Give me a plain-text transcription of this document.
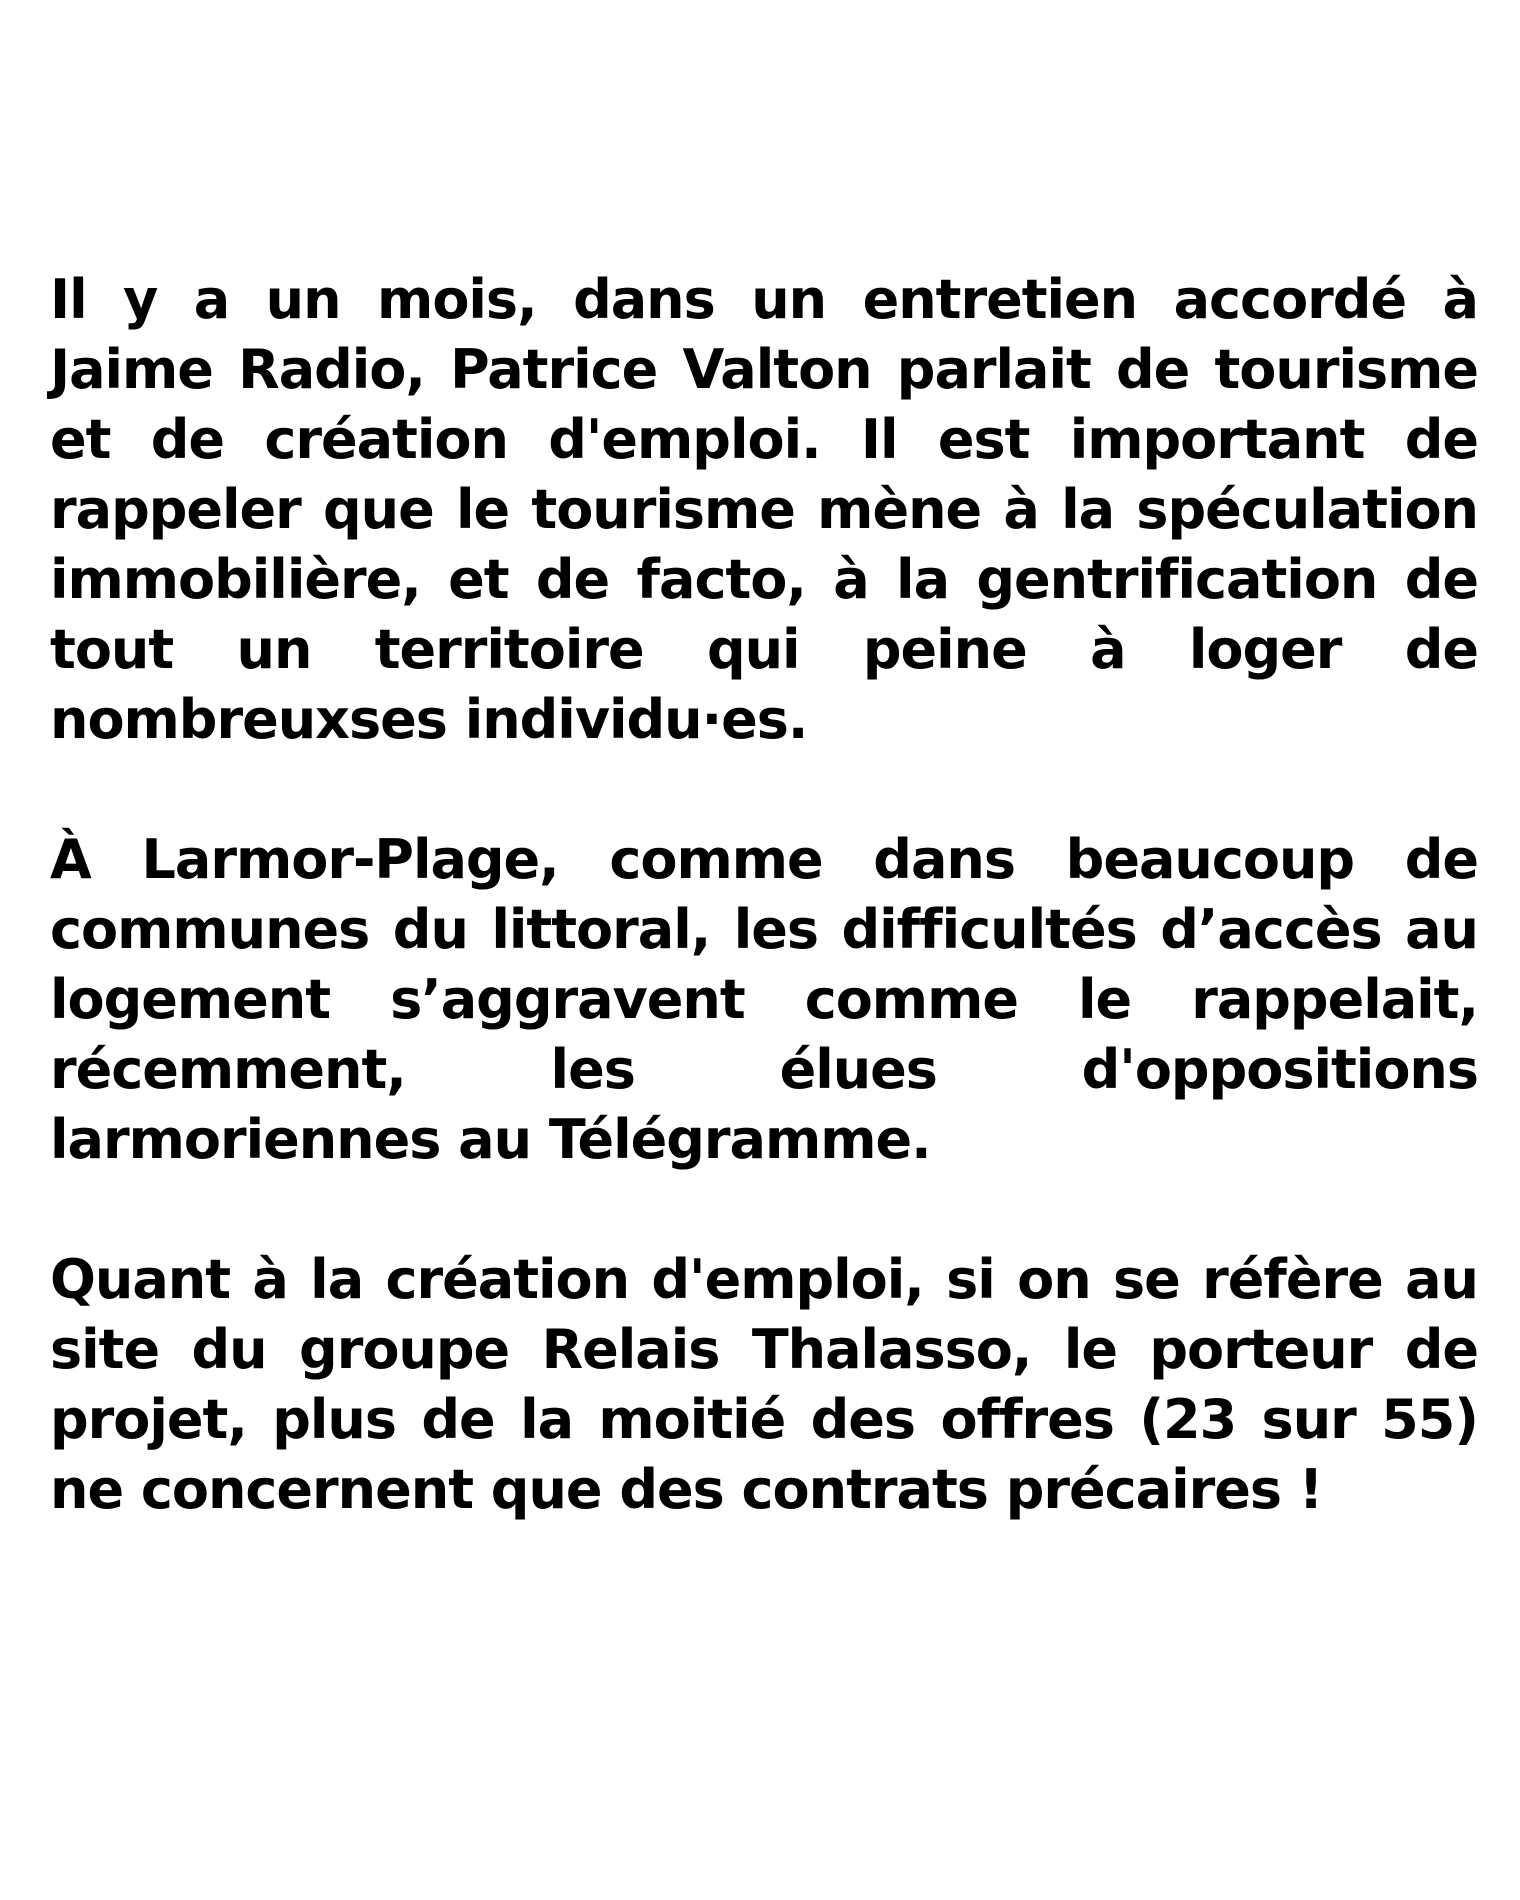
Il y a un mois, dans un entretien accordé à Jaime Radio, Patrice Valton parlait de tourisme et de création d'emploi. Il est important de rappeler que le tourisme mène à la spéculation immobilière, et de facto, à la gentrification de tout un territoire qui peine à loger de nombreuxses individu·es.

À Larmor-Plage, comme dans beaucoup de communes du littoral, les difficultés d’accès au logement s’aggravent comme le rappelait, récemment, les élues d'oppositions larmoriennes au Télégramme.

Quant à la création d'emploi, si on se réfère au site du groupe Relais Thalasso, le porteur de projet, plus de la moitié des offres (23 sur 55) ne concernent que des contrats précaires !
